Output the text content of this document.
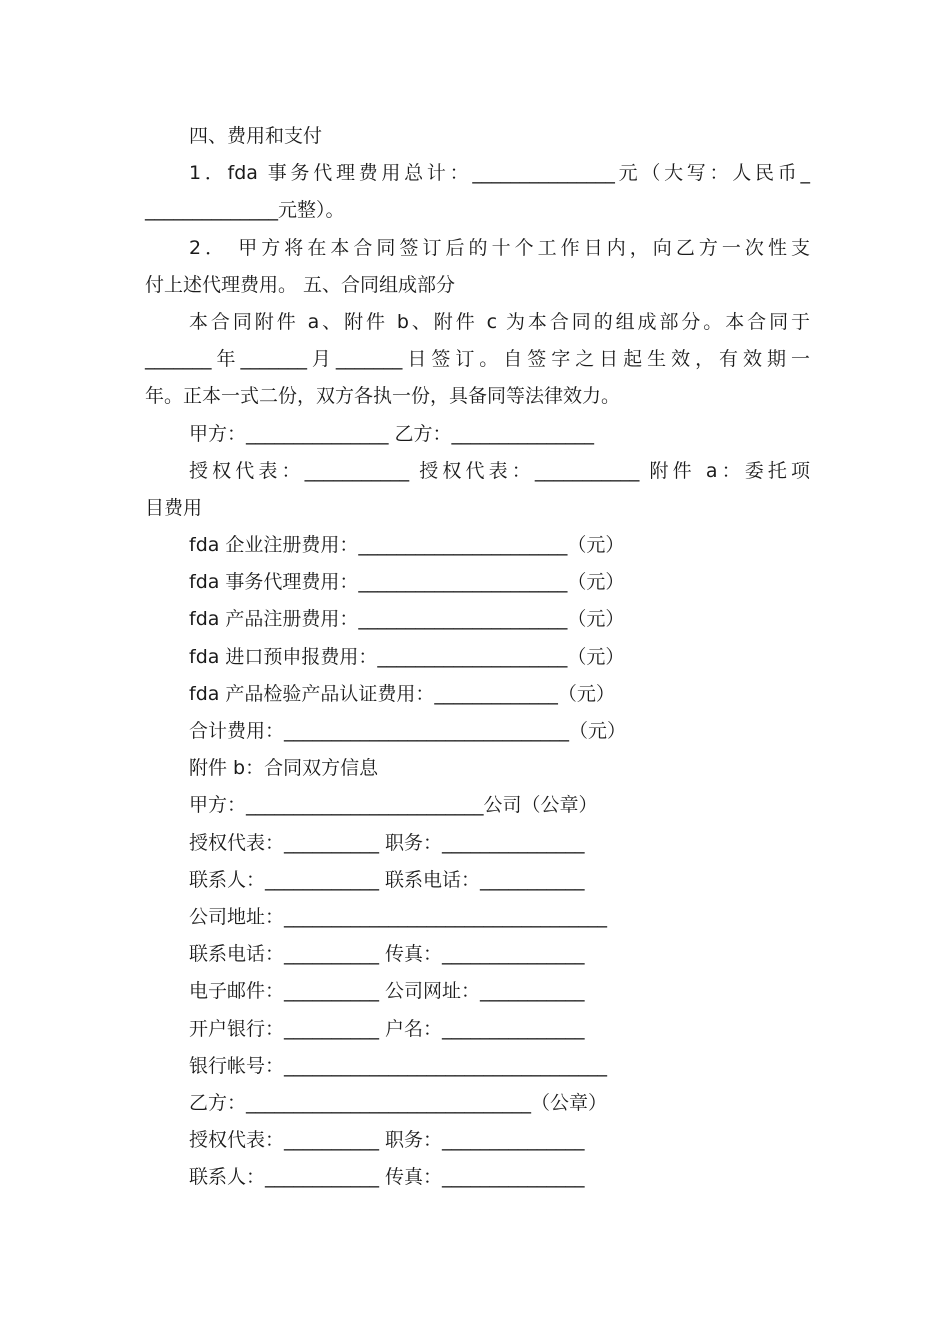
四、费用和支付
1．fda 事务代理费用总计：_______________元（大写：人民币_
______________元整）。
2． 甲方将在本合同签订后的十个工作日内，向乙方一次性支
付上述代理费用。 五、合同组成部分
本合同附件 a、附件 b、附件 c 为本合同的组成部分。本合同于
_______年_______月_______日签订。自签字之日起生效，有效期一
年。正本一式二份，双方各执一份，具备同等法律效力。
甲方：_______________ 乙方：_______________
授权代表：___________ 授权代表：___________ 附件 a：委托项
目费用
fda 企业注册费用：______________________（元）
fda 事务代理费用：______________________（元）
fda 产品注册费用：______________________（元）
fda 进口预申报费用：____________________（元）
fda 产品检验产品认证费用：_____________（元）
合计费用：______________________________（元）
附件 b：合同双方信息
甲方：_________________________公司（公章）
授权代表：__________ 职务：_______________
联系人：____________ 联系电话：___________
公司地址：__________________________________
联系电话：__________ 传真：_______________
电子邮件：__________ 公司网址：___________
开户银行：__________ 户名：_______________
银行帐号：__________________________________
乙方：______________________________（公章）
授权代表：__________ 职务：_______________
联系人：____________ 传真：_______________
